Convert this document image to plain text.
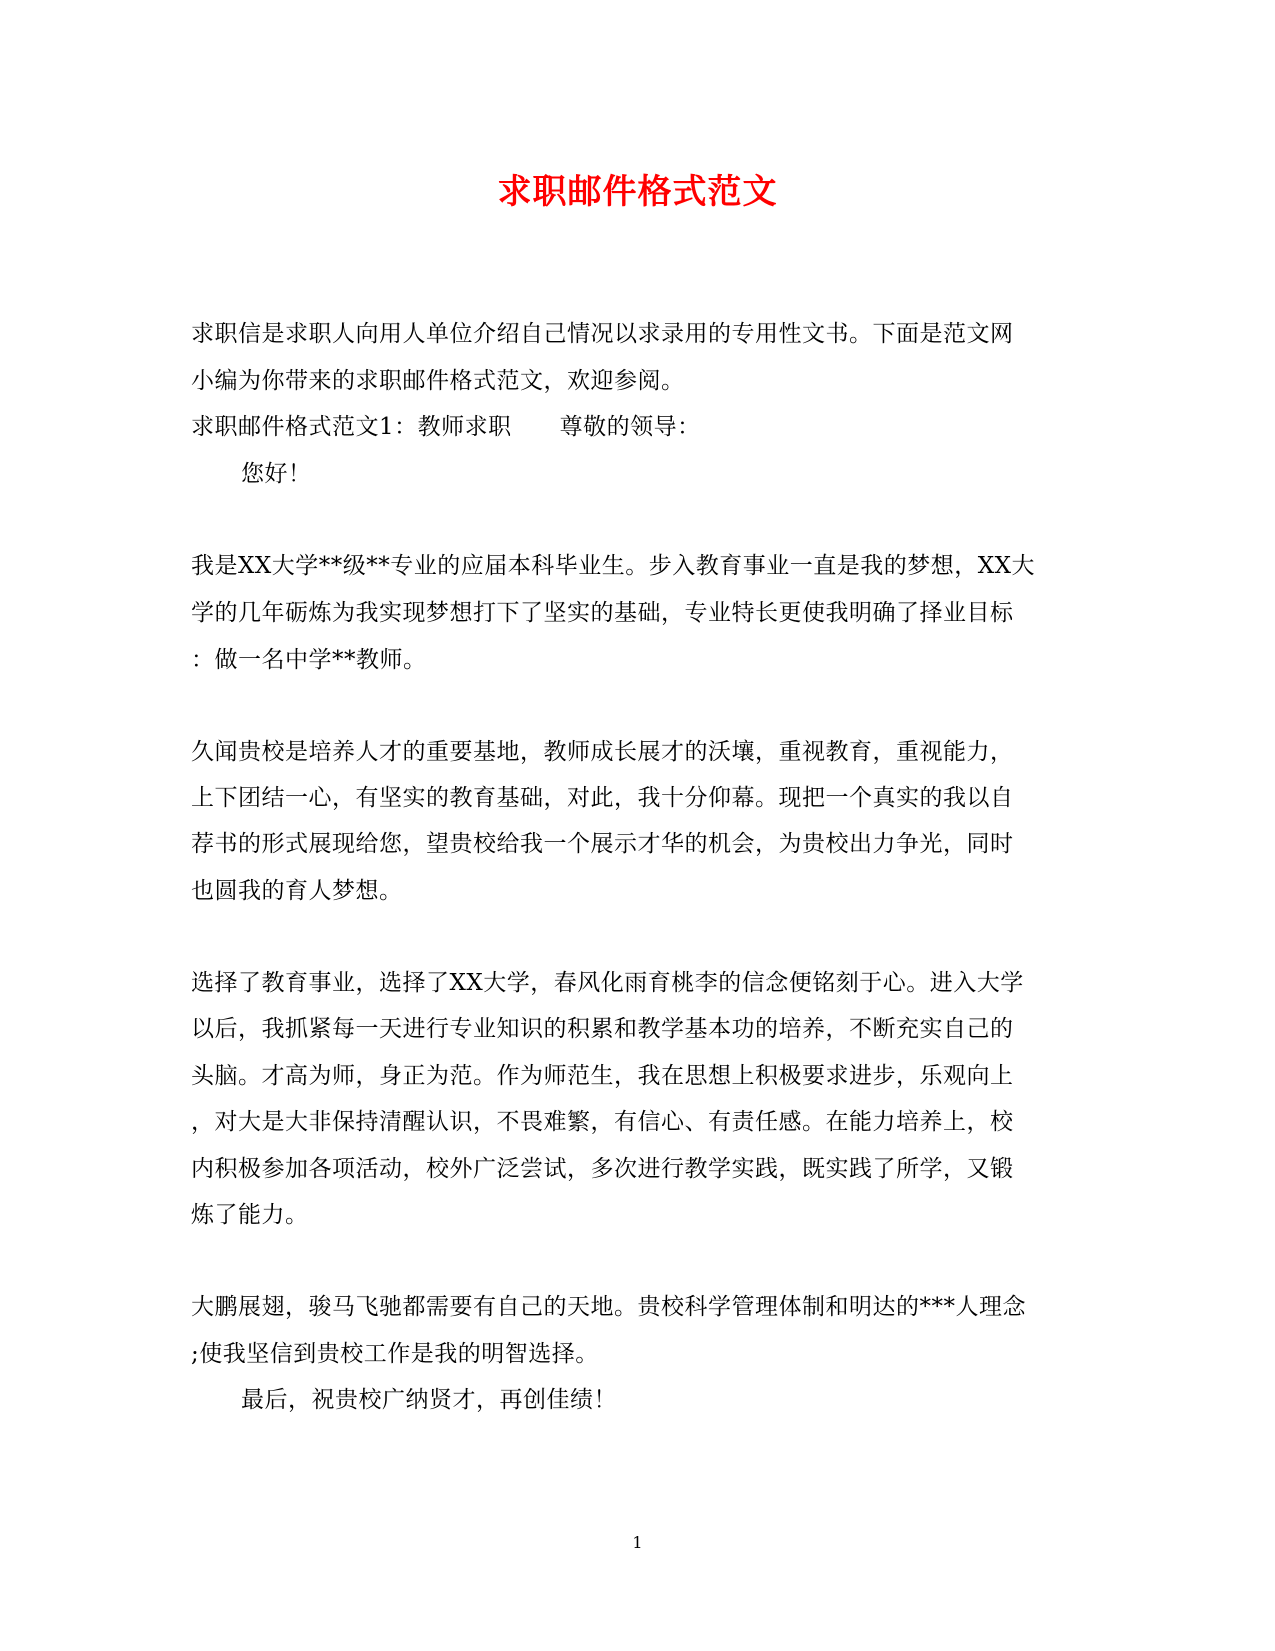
求职邮件格式范文
求职信是求职人向用人单位介绍自己情况以求录用的专用性文书。下面是范文网
小编为你带来的求职邮件格式范文，欢迎参阅。
求职邮件格式范文1：教师求职 尊敬的领导：
您好！
我是XX大学**级**专业的应届本科毕业生。步入教育事业一直是我的梦想，XX大
学的几年砺炼为我实现梦想打下了坚实的基础，专业特长更使我明确了择业目标
：做一名中学**教师。
久闻贵校是培养人才的重要基地，教师成长展才的沃壤，重视教育，重视能力，
上下团结一心，有坚实的教育基础，对此，我十分仰幕。现把一个真实的我以自
荐书的形式展现给您，望贵校给我一个展示才华的机会，为贵校出力争光，同时
也圆我的育人梦想。
选择了教育事业，选择了XX大学，春风化雨育桃李的信念便铭刻于心。进入大学
以后，我抓紧每一天进行专业知识的积累和教学基本功的培养，不断充实自己的
头脑。才高为师，身正为范。作为师范生，我在思想上积极要求进步，乐观向上
，对大是大非保持清醒认识，不畏难繁，有信心、有责任感。在能力培养上，校
内积极参加各项活动，校外广泛尝试，多次进行教学实践，既实践了所学，又锻
炼了能力。
大鹏展翅，骏马飞驰都需要有自己的天地。贵校科学管理体制和明达的***人理念
;使我坚信到贵校工作是我的明智选择。
最后，祝贵校广纳贤才，再创佳绩！
1
